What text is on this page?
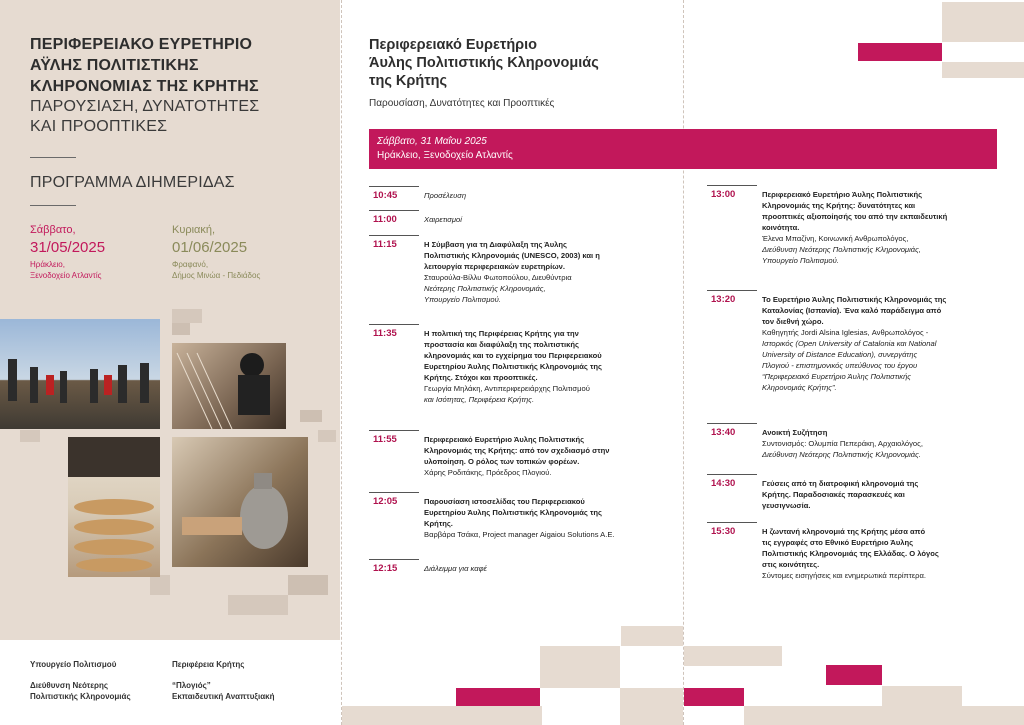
ΠΕΡΙΦΕΡΕΙΑΚΟ ΕΥΡΕΤΗΡΙΟ
ΑΫΛΗΣ ΠΟΛΙΤΙΣΤΙΚΗΣ
ΚΛΗΡΟΝΟΜΙΑΣ ΤΗΣ ΚΡΗΤΗΣ
ΠΑΡΟΥΣΙΑΣΗ, ΔΥΝΑΤΟΤΗΤΕΣ
ΚΑΙ ΠΡΟΟΠΤΙΚΕΣ
ΠΡΟΓΡΑΜΜΑ ΔΙΗΜΕΡΙΔΑΣ
Σάββατο,
31/05/2025
Ηράκλειο,
Ξενοδοχείο Ατλαντίς
Κυριακή,
01/06/2025
Φραφανό,
Δήμος Μινώα - Πεδιάδος
Υπουργείο Πολιτισμού
Διεύθυνση Νεότερης
Πολιτιστικής Κληρονομιάς
Περιφέρεια Κρήτης
“Πλογιός”
Εκπαιδευτική Αναπτυξιακή
Περιφερειακό Ευρετήριο
Άυλης Πολιτιστικής Κληρονομιάς
της Κρήτης
Παρουσίαση, Δυνατότητες και Προοπτικές
Σάββατο, 31 Μαΐου 2025
Ηράκλειο, Ξενοδοχείο Ατλαντίς
10:45	Προσέλευση
11:00	Χαιρετισμοί
11:15	Η Σύμβαση για τη Διαφύλαξη της Άυλης
Πολιτιστικής Κληρονομιάς (UNESCO, 2003) και η
λειτουργία περιφερειακών ευρετηρίων.
Σταυρούλα-Βίλλυ Φωτοπούλου, Διευθύντρια
Νεότερης Πολιτιστικής Κληρονομιάς,
Υπουργείο Πολιτισμού.
11:35	Η πολιτική της Περιφέρειας Κρήτης για την
προστασία και διαφύλαξη της πολιτιστικής
κληρονομιάς και το εγχείρημα του Περιφερειακού
Ευρετηρίου Άυλης Πολιτιστικής Κληρονομιάς της
Κρήτης. Στόχοι και προοπτικές.
Γεωργία Μηλάκη, Αντιπεριφερειάρχης Πολιτισμού
και Ισότητας, Περιφέρεια Κρήτης.
11:55	Περιφερειακό Ευρετήριο Άυλης Πολιτιστικής
Κληρονομιάς της Κρήτης: από τον σχεδιασμό στην
υλοποίηση. Ο ρόλος των τοπικών φορέων.
Χάρης Ροδιτάκης, Πρόεδρος Πλογιού.
12:05	Παρουσίαση ιστοσελίδας του Περιφερειακού
Ευρετηρίου Άυλης Πολιτιστικής Κληρονομιάς της
Κρήτης.
Βαρβάρα Τσάκα, Project manager Aigaiou Solutions A.E.
12:15	Διάλειμμα για καφέ
13:00	Περιφερειακό Ευρετήριο Άυλης Πολιτιστικής
Κληρονομιάς της Κρήτης: δυνατότητες και
προοπτικές αξιοποίησής του από την εκπαιδευτική
κοινότητα.
Έλενα Μπαζίνη, Κοινωνική Ανθρωπολόγος,
Διεύθυνση Νεότερης Πολιτιστικής Κληρονομιάς,
Υπουργείο Πολιτισμού.
13:20	Το Ευρετήριο Άυλης Πολιτιστικής Κληρονομιάς της
Καταλονίας (Ισπανία). Ένα καλό παράδειγμα από
τον διεθνή χώρο.
Καθηγητής Jordi Alsina Iglesias, Ανθρωπολόγος -
Ιστορικός (Open University of Catalonia και National
University of Distance Education), συνεργάτης
Πλογιού - επιστημονικός υπεύθυνος του έργου
“Περιφερειακό Ευρετήριο Άυλης Πολιτιστικής
Κληρονομιάς Κρήτης”.
13:40	Ανοικτή Συζήτηση
Συντονισμός: Ολυμπία Πεπεράκη, Αρχαιολόγος,
Διεύθυνση Νεότερης Πολιτιστικής Κληρονομιάς.
14:30	Γεύσεις από τη διατροφική κληρονομιά της
Κρήτης. Παραδοσιακές παρασκευές και
γευσιγνωσία.
15:30	Η ζωντανή κληρονομιά της Κρήτης μέσα από
τις εγγραφές στο Εθνικό Ευρετήριο Άυλης
Πολιτιστικής Κληρονομιάς της Ελλάδας. Ο λόγος
στις κοινότητες.
Σύντομες εισηγήσεις και ενημερωτικά περίπτερα.
